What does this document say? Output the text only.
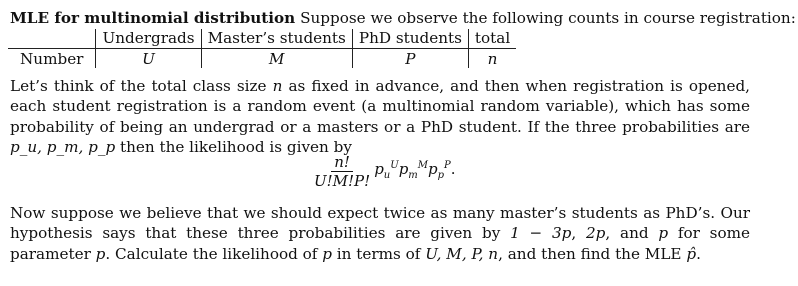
MLE for multinomial distribution Suppose we observe the following counts in course registration:
	Undergrads	Master’s students	PhD students	total
Number	U	M	P	n
Let’s think of the total class size n as fixed in advance, and then when registration is opened, each student registration is a random event (a multinomial random variable), which has some probability of being an undergrad or a masters or a PhD student. If the three probabilities are p_u, p_m, p_p then the likelihood is given by
$\frac{n!}{U!M!P!} p_u^Up_m^Mp_p^P$.
Now suppose we believe that we should expect twice as many master’s students as PhD’s. Our hypothesis says that these three probabilities are given by 1 − 3p, 2p, and p for some parameter p. Calculate the likelihood of p in terms of U, M, P, n, and then find the MLE p̂.
